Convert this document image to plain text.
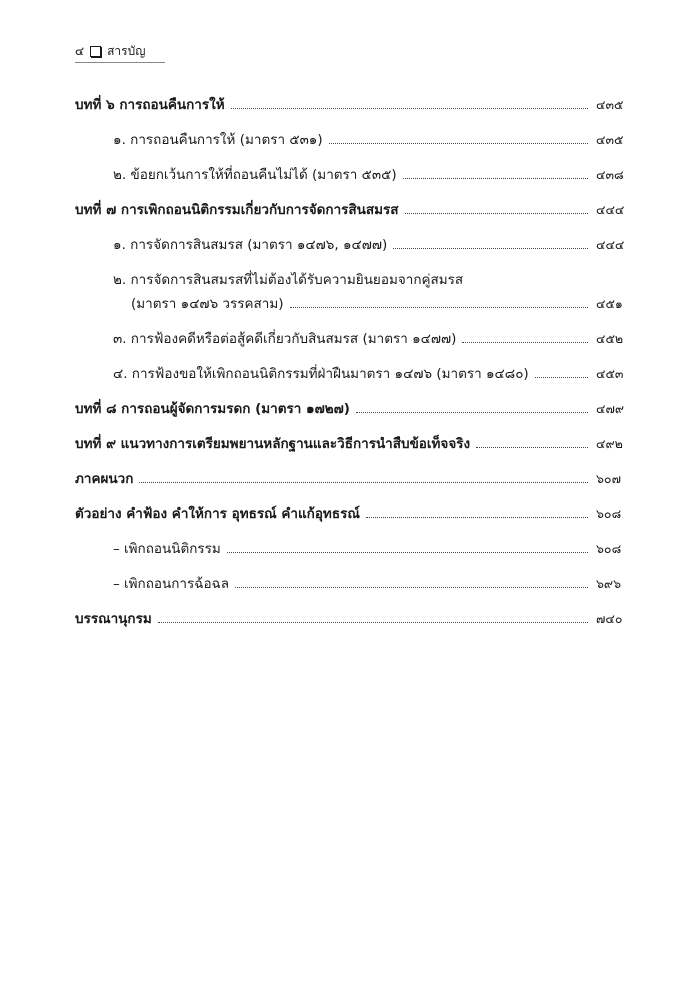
๔ สารบัญ
บทที่ ๖ การถอนคืนการให้	๔๓๕
๑. การถอนคืนการให้ (มาตรา ๕๓๑)	๔๓๕
๒. ข้อยกเว้นการให้ที่ถอนคืนไม่ได้ (มาตรา ๕๓๕)	๔๓๘
บทที่ ๗ การเพิกถอนนิติกรรมเกี่ยวกับการจัดการสินสมรส	๔๔๔
๑. การจัดการสินสมรส (มาตรา ๑๔๗๖, ๑๔๗๗)	๔๔๔
๒. การจัดการสินสมรสที่ไม่ต้องได้รับความยินยอมจากคู่สมรส
(มาตรา ๑๔๗๖ วรรคสาม)	๔๕๑
๓. การฟ้องคดีหรือต่อสู้คดีเกี่ยวกับสินสมรส (มาตรา ๑๔๗๗)	๔๕๒
๔. การฟ้องขอให้เพิกถอนนิติกรรมที่ฝ่าฝืนมาตรา ๑๔๗๖ (มาตรา ๑๔๘๐)	๔๕๓
บทที่ ๘ การถอนผู้จัดการมรดก (มาตรา ๑๗๒๗)	๔๗๙
บทที่ ๙ แนวทางการเตรียมพยานหลักฐานและวิธีการนำสืบข้อเท็จจริง	๔๙๒
ภาคผนวก	๖๐๗
ตัวอย่าง คำฟ้อง คำให้การ อุทธรณ์ คำแก้อุทธรณ์	๖๐๘
– เพิกถอนนิติกรรม	๖๐๘
– เพิกถอนการฉ้อฉล	๖๙๖
บรรณานุกรม	๗๔๐
